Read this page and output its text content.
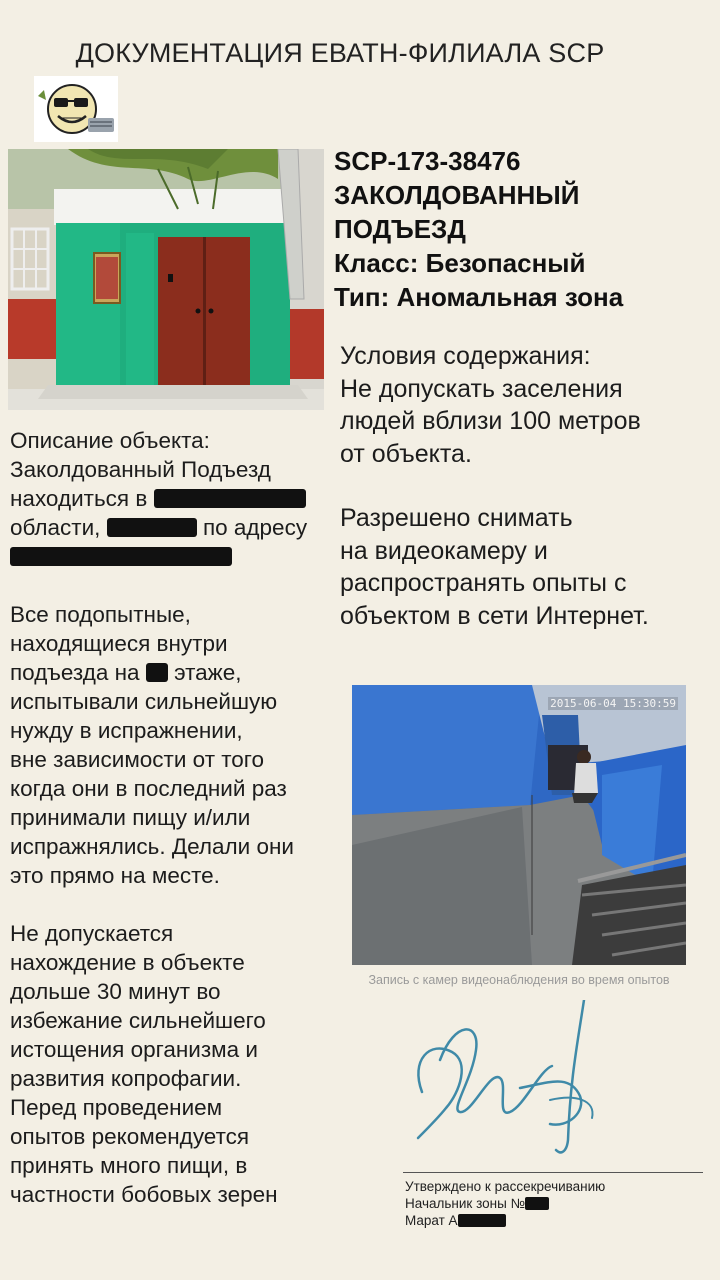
ДОКУМЕНТАЦИЯ ЕВАТН-ФИЛИАЛА SCP
SCP-173-38476
ЗАКОЛДОВАННЫЙ
ПОДЪЕЗД
Класс: Безопасный
Тип: Аномальная зона

Условия содержания:

Не допускать заселения

людей вблизи 100 метров

от объекта.

Разрешено снимать

на видеокамеру и

распространять опыты с

объектом в сети Интернет.

Описание объекта:

Заколдованный Подъезд

находиться в

области,	по адресу

Все подопытные,

находящиеся внутри

подъезда на этаже,

испытывали сильнейшую

нужду в испражнении,

вне зависимости от того

когда они в последний раз

принимали пищу и/или

испражнялись. Делали они

это прямо на месте.

Не допускается

нахождение в объекте

дольше 30 минут во

избежание сильнейшего

истощения организма и

развития копрофагии.

Перед проведением

опытов рекомендуется

принять много пищи, в

частности бобовых зерен

2015-06-04 15:30:59
Запись с камер видеонаблюдения во время опытов

Утверждено к рассекречиванию

Начальник зоны №

Марат А
